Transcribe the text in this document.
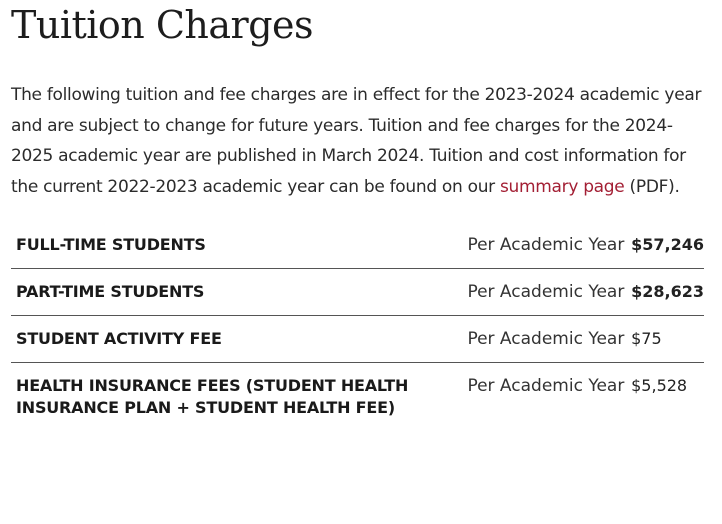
Tuition Charges

The following tuition and fee charges are in effect for the 2023-2024 academic year and are subject to change for future years. Tuition and fee charges for the 2024-2025 academic year are published in March 2024. Tuition and cost information for the current 2022-2023 academic year can be found on our summary page (PDF).

FULL-TIME STUDENTS	Per Academic Year	$57,246
PART-TIME STUDENTS	Per Academic Year	$28,623
STUDENT ACTIVITY FEE	Per Academic Year	$75
HEALTH INSURANCE FEES (STUDENT HEALTH INSURANCE PLAN + STUDENT HEALTH FEE)	Per Academic Year	$5,528
